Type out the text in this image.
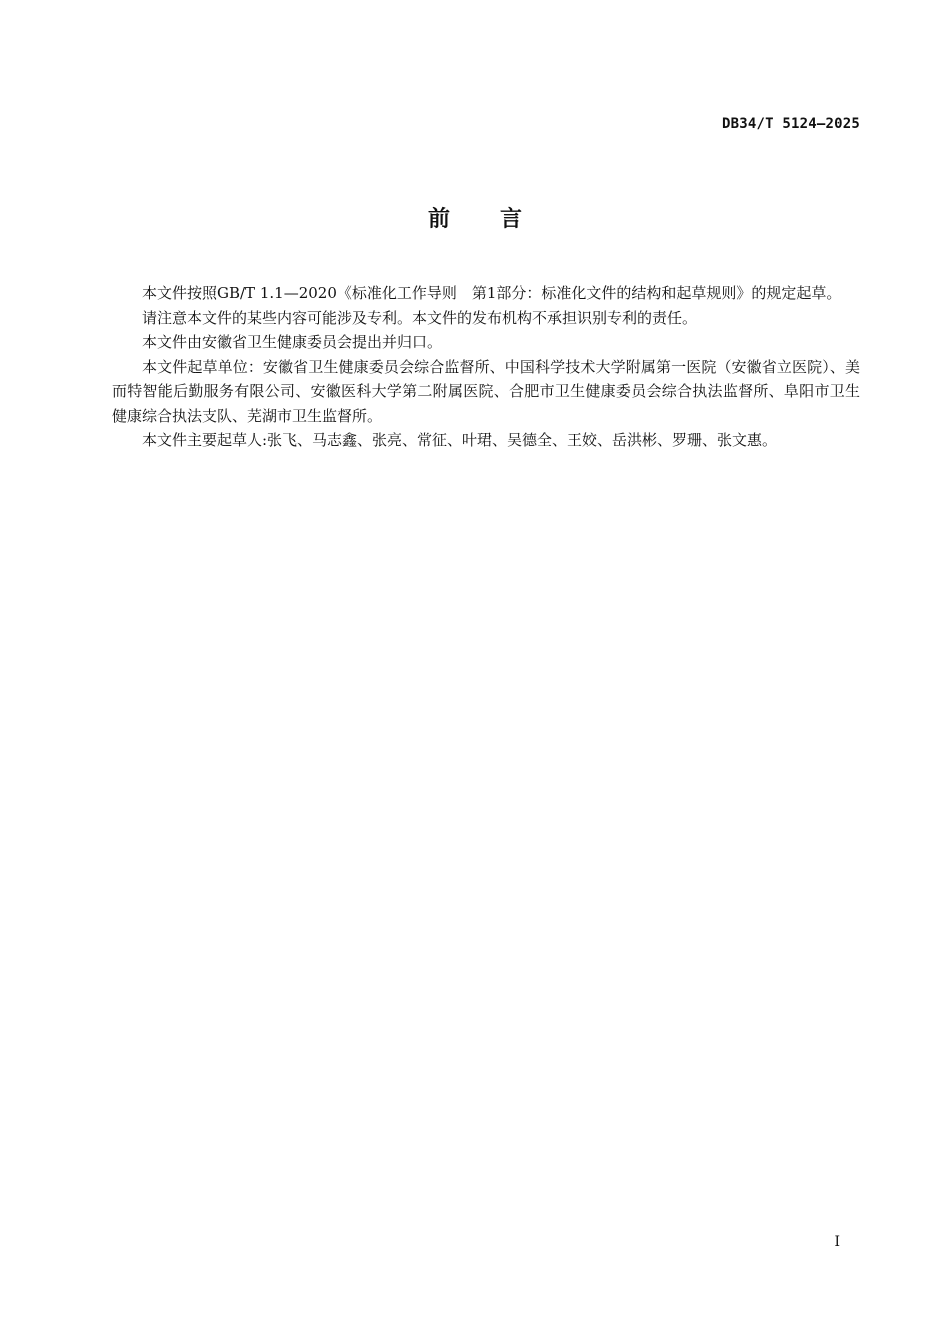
DB34/T 5124—2025
前言

本文件按照GB/T 1.1—2020《标准化工作导则　第1部分：标准化文件的结构和起草规则》的规定起草。

请注意本文件的某些内容可能涉及专利。本文件的发布机构不承担识别专利的责任。

本文件由安徽省卫生健康委员会提出并归口。

本文件起草单位：安徽省卫生健康委员会综合监督所、中国科学技术大学附属第一医院（安徽省立医院）、美而特智能后勤服务有限公司、安徽医科大学第二附属医院、合肥市卫生健康委员会综合执法监督所、阜阳市卫生健康综合执法支队、芜湖市卫生监督所。

本文件主要起草人:张飞、马志鑫、张亮、常征、叶珺、吴德全、王姣、岳洪彬、罗珊、张文惠。

I
